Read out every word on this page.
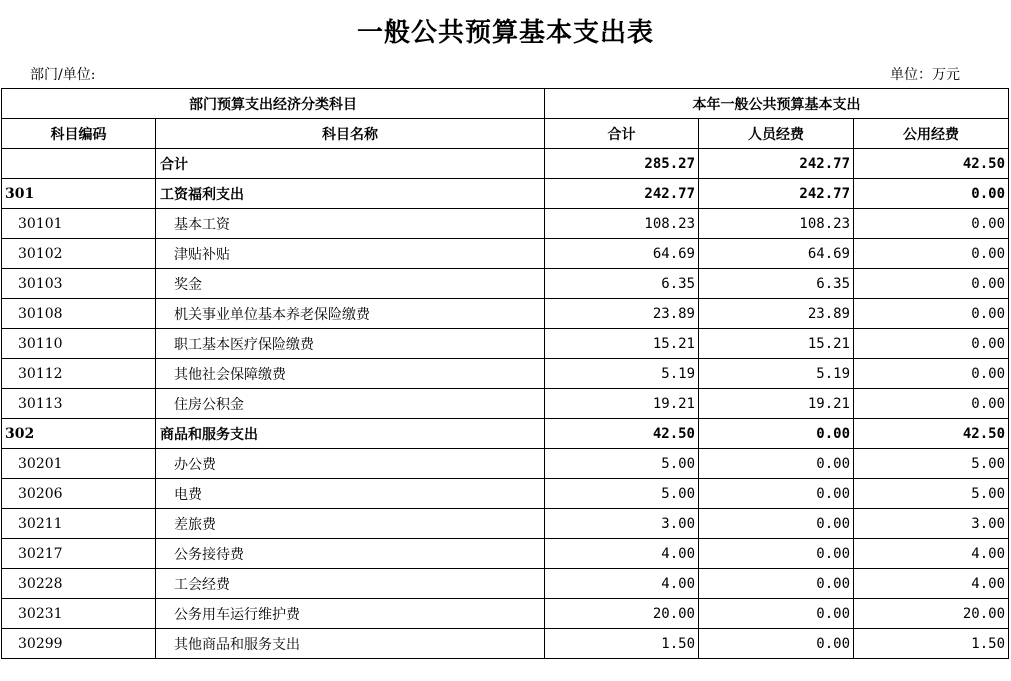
一般公共预算基本支出表
部门/单位:	单位：万元
部门预算支出经济分类科目		本年一般公共预算基本支出		
科目编码	科目名称	合计	人员经费	公用经费
	合计	285.27	242.77	42.50
301	工资福利支出	242.77	242.77	0.00
30101	基本工资	108.23	108.23	0.00
30102	津贴补贴	64.69	64.69	0.00
30103	奖金	6.35	6.35	0.00
30108	机关事业单位基本养老保险缴费	23.89	23.89	0.00
30110	职工基本医疗保险缴费	15.21	15.21	0.00
30112	其他社会保障缴费	5.19	5.19	0.00
30113	住房公积金	19.21	19.21	0.00
302	商品和服务支出	42.50	0.00	42.50
30201	办公费	5.00	0.00	5.00
30206	电费	5.00	0.00	5.00
30211	差旅费	3.00	0.00	3.00
30217	公务接待费	4.00	0.00	4.00
30228	工会经费	4.00	0.00	4.00
30231	公务用车运行维护费	20.00	0.00	20.00
30299	其他商品和服务支出	1.50	0.00	1.50
